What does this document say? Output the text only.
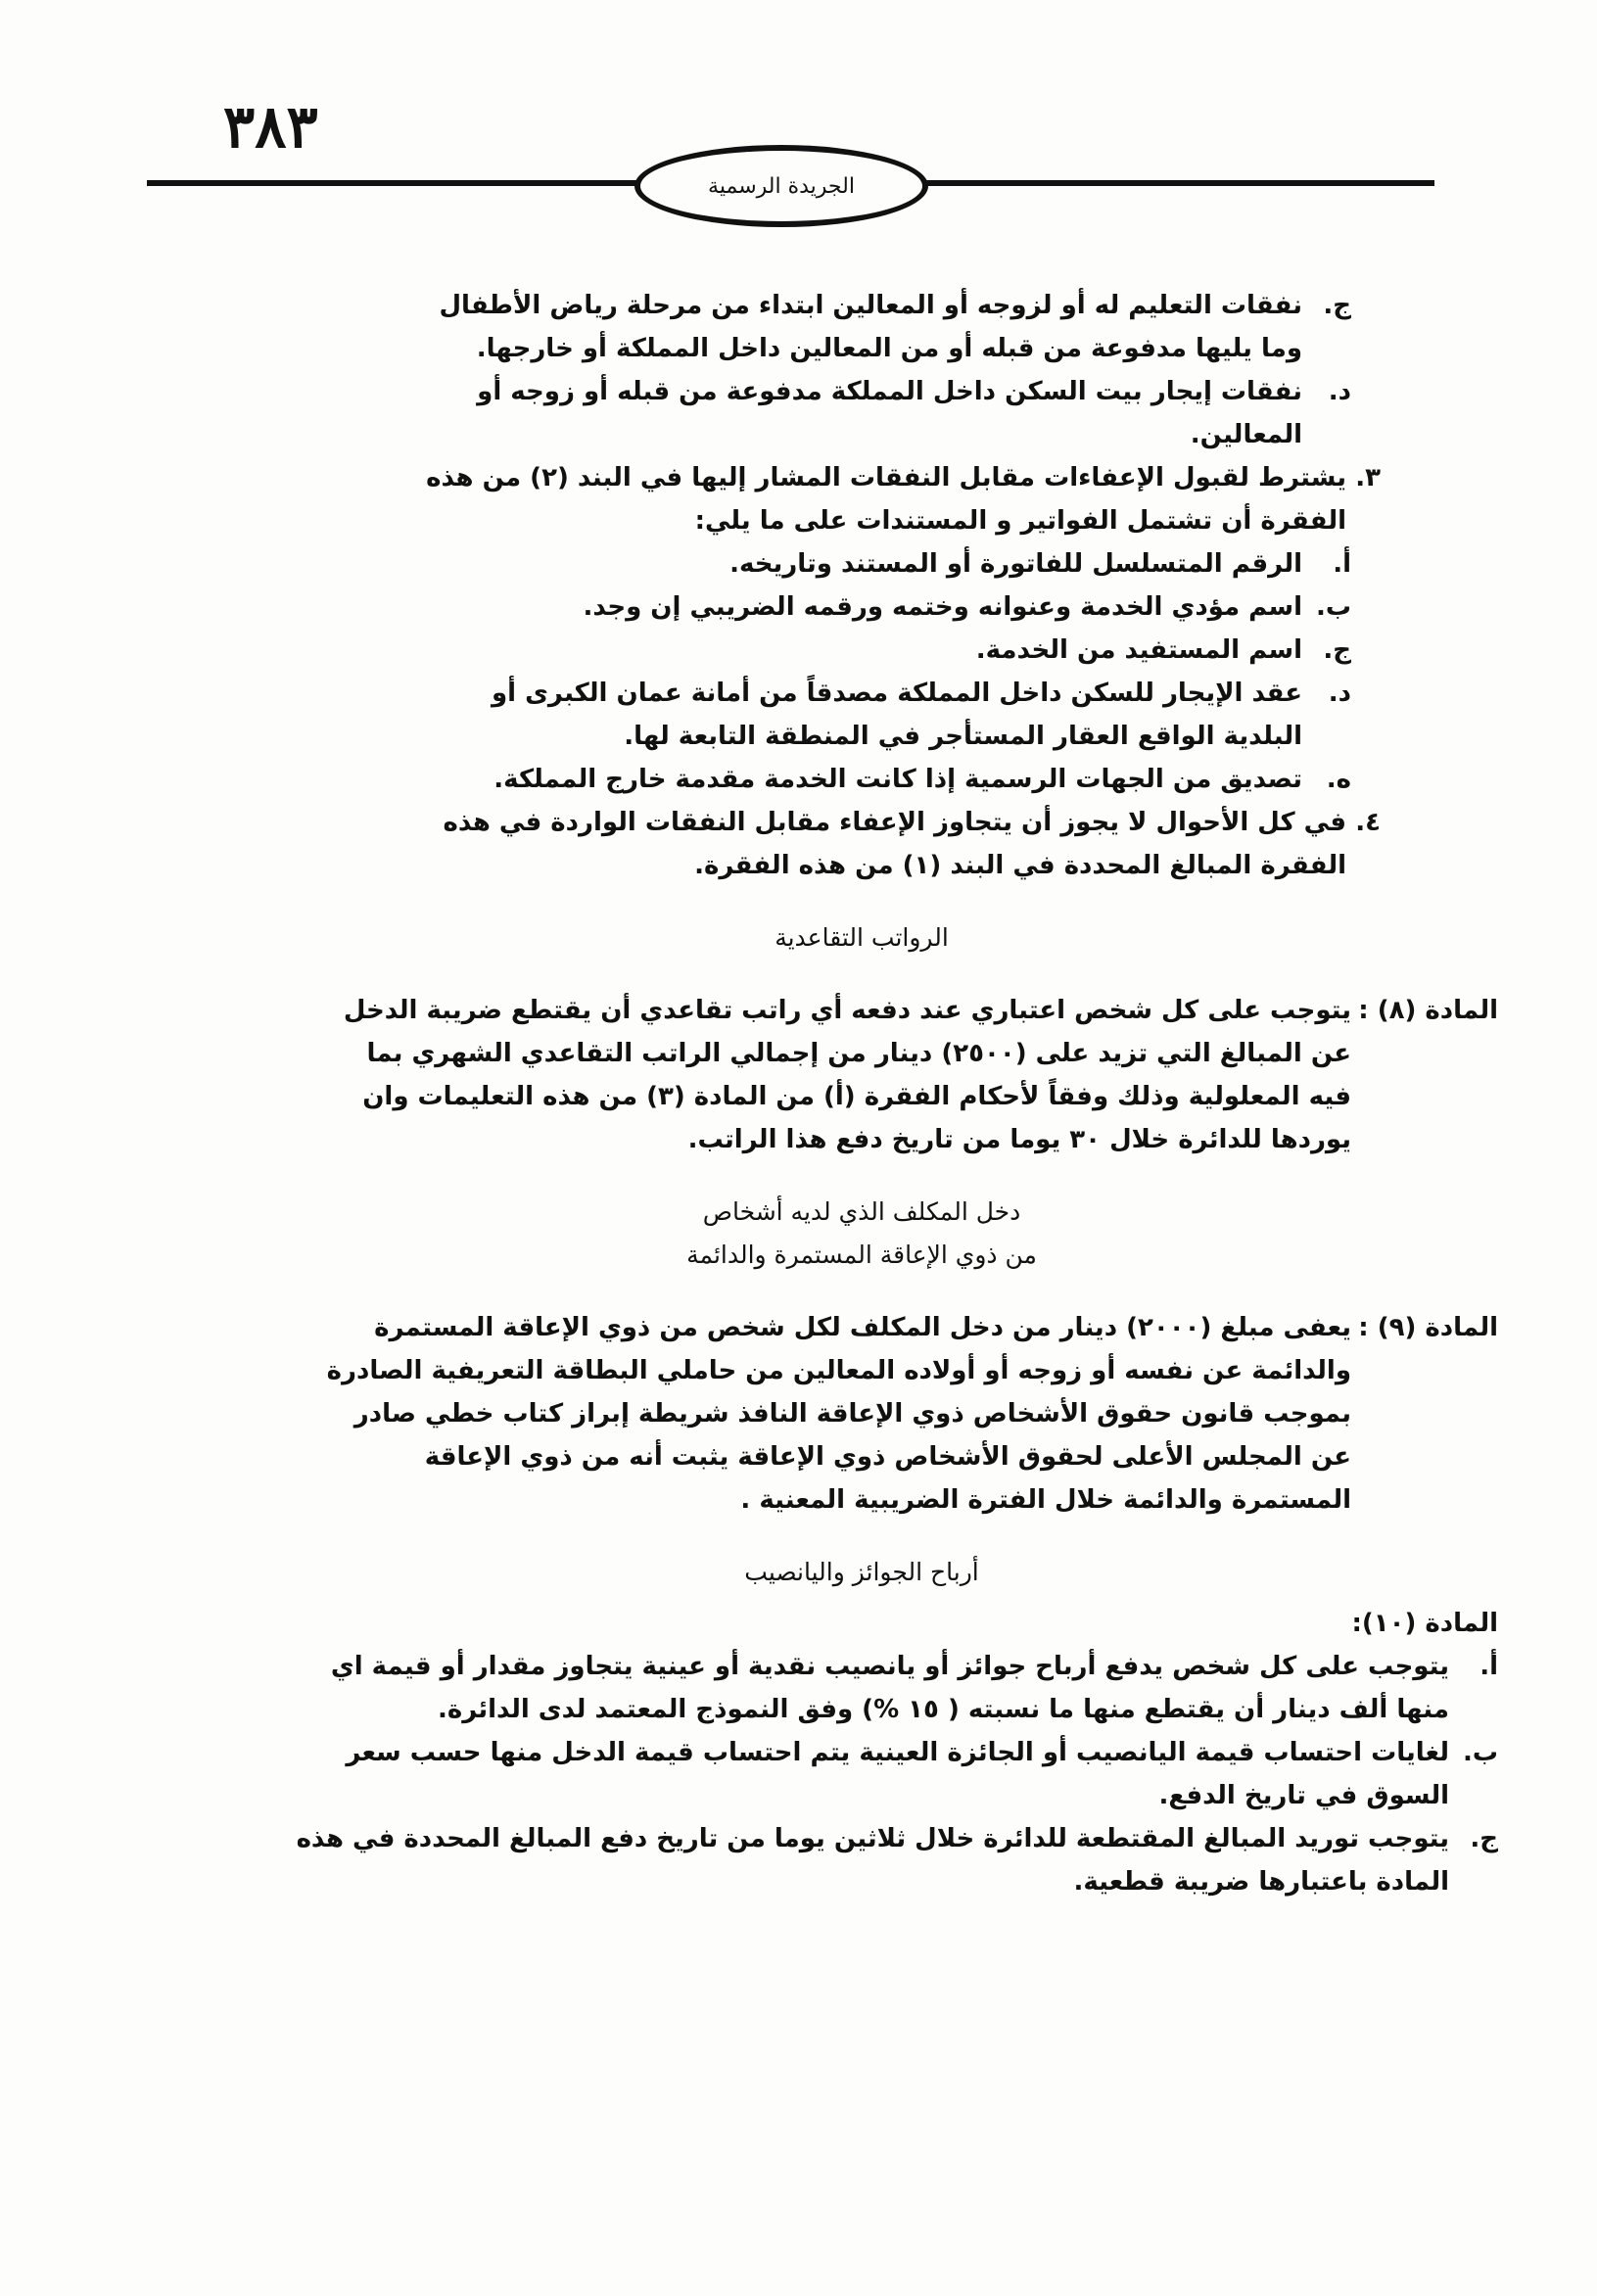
٣٨٣
الجريدة الرسمية
ج.
نفقات التعليم له أو لزوجه أو المعالين ابتداء من مرحلة رياض الأطفال
وما يليها مدفوعة من قبله أو من المعالين داخل المملكة أو خارجها.
د.
نفقات إيجار بيت السكن داخل المملكة مدفوعة من قبله أو زوجه أو
المعالين.
٣.
يشترط لقبول الإعفاءات مقابل النفقات المشار إليها في البند (٢) من هذه
الفقرة أن تشتمل الفواتير و المستندات على ما يلي:
أ.
الرقم المتسلسل للفاتورة أو المستند وتاريخه.
ب.
اسم مؤدي الخدمة وعنوانه وختمه ورقمه الضريبي إن وجد.
ج.
اسم المستفيد من الخدمة.
د.
عقد الإيجار للسكن داخل المملكة مصدقاً من أمانة عمان الكبرى أو
البلدية الواقع العقار المستأجر في المنطقة التابعة لها.
ه.
تصديق من الجهات الرسمية إذا كانت الخدمة مقدمة خارج المملكة.
٤.
في كل الأحوال لا يجوز أن يتجاوز الإعفاء مقابل النفقات الواردة في هذه
الفقرة المبالغ المحددة في البند (١) من هذه الفقرة.
الرواتب التقاعدية
المادة (٨) :
يتوجب على كل شخص اعتباري عند دفعه أي راتب تقاعدي أن يقتطع ضريبة الدخل
عن المبالغ التي تزيد على (٢٥٠٠) دينار من إجمالي الراتب التقاعدي الشهري بما
فيه المعلولية وذلك وفقاً لأحكام الفقرة (أ) من المادة (٣) من هذه التعليمات وان
يوردها للدائرة خلال ٣٠ يوما من تاريخ دفع هذا الراتب.
دخل المكلف الذي لديه أشخاص
من ذوي الإعاقة المستمرة والدائمة
المادة (٩) :
يعفى مبلغ (٢٠٠٠) دينار من دخل المكلف لكل شخص من ذوي الإعاقة المستمرة
والدائمة عن نفسه أو زوجه أو أولاده المعالين من حاملي البطاقة التعريفية الصادرة
بموجب قانون حقوق الأشخاص ذوي الإعاقة النافذ شريطة إبراز كتاب خطي صادر
عن المجلس الأعلى لحقوق الأشخاص ذوي الإعاقة يثبت أنه من ذوي الإعاقة
المستمرة والدائمة خلال الفترة الضريبية المعنية .
أرباح الجوائز واليانصيب
المادة (١٠):
أ.
يتوجب على كل شخص يدفع أرباح جوائز أو يانصيب نقدية أو عينية يتجاوز مقدار أو قيمة اي
منها ألف دينار أن يقتطع منها ما نسبته ( ١٥ %) وفق النموذج المعتمد لدى الدائرة.
ب.
لغايات احتساب قيمة اليانصيب أو الجائزة العينية يتم احتساب قيمة الدخل منها حسب سعر
السوق في تاريخ الدفع.
ج.
يتوجب توريد المبالغ المقتطعة للدائرة خلال ثلاثين يوما من تاريخ دفع المبالغ المحددة في هذه
المادة باعتبارها ضريبة قطعية.
